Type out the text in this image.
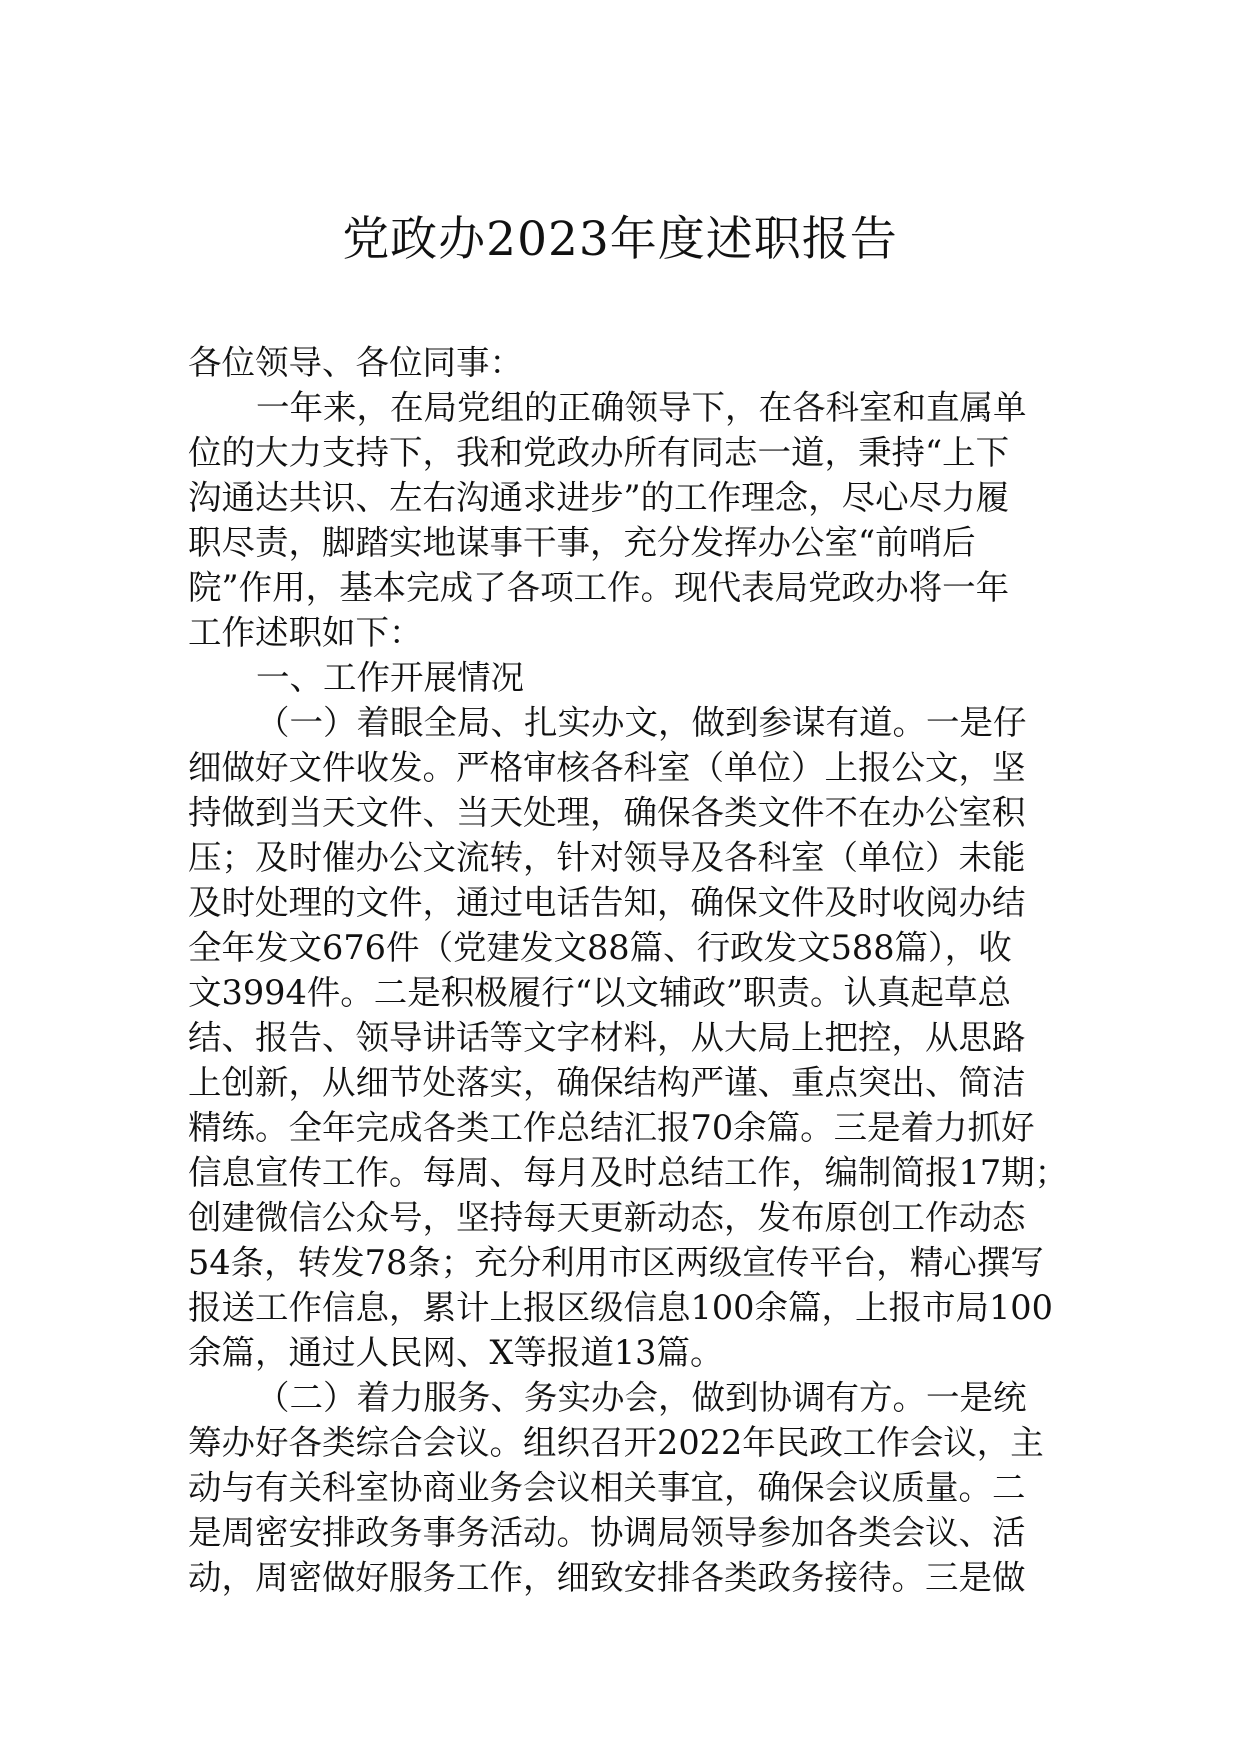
党政办2023年度述职报告
各位领导、各位同事：
一年来，在局党组的正确领导下，在各科室和直属单
位的大力支持下，我和党政办所有同志一道，秉持“上下
沟通达共识、左右沟通求进步”的工作理念，尽心尽力履
职尽责，脚踏实地谋事干事，充分发挥办公室“前哨后
院”作用，基本完成了各项工作。现代表局党政办将一年
工作述职如下：
一、工作开展情况
（一）着眼全局、扎实办文，做到参谋有道。一是仔
细做好文件收发。严格审核各科室（单位）上报公文，坚
持做到当天文件、当天处理，确保各类文件不在办公室积
压；及时催办公文流转，针对领导及各科室（单位）未能
及时处理的文件，通过电话告知，确保文件及时收阅办结
全年发文676件（党建发文88篇、行政发文588篇），收
文3994件。二是积极履行“以文辅政”职责。认真起草总
结、报告、领导讲话等文字材料，从大局上把控，从思路
上创新，从细节处落实，确保结构严谨、重点突出、简洁
精练。全年完成各类工作总结汇报70余篇。三是着力抓好
信息宣传工作。每周、每月及时总结工作，编制简报17期；
创建微信公众号，坚持每天更新动态，发布原创工作动态
54条，转发78条；充分利用市区两级宣传平台，精心撰写
报送工作信息，累计上报区级信息100余篇，上报市局100
余篇，通过人民网、X等报道13篇。
（二）着力服务、务实办会，做到协调有方。一是统
筹办好各类综合会议。组织召开2022年民政工作会议，主
动与有关科室协商业务会议相关事宜，确保会议质量。二
是周密安排政务事务活动。协调局领导参加各类会议、活
动，周密做好服务工作，细致安排各类政务接待。三是做
